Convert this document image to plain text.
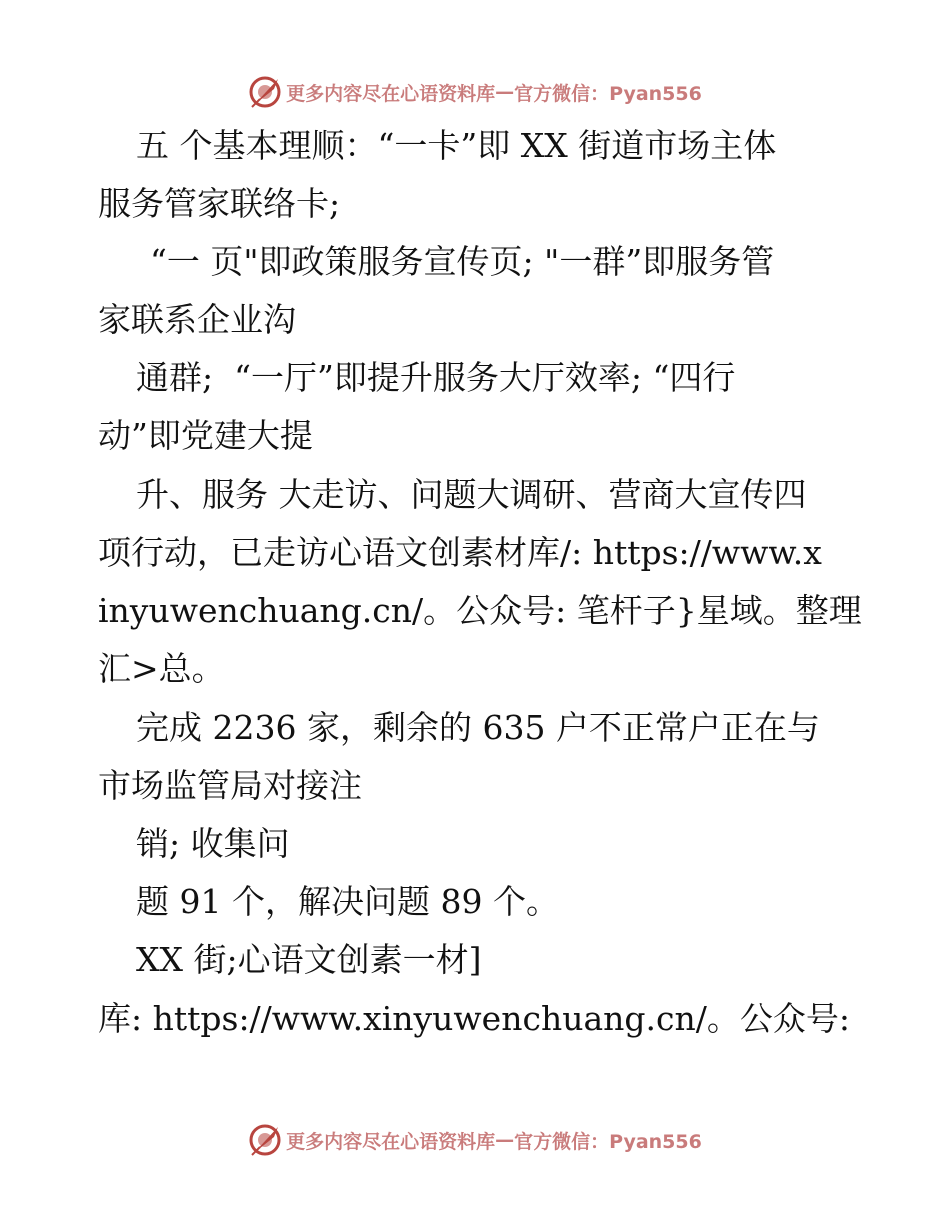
更多内容尽在心语资料库 — 官方微信：Pyan556
五 个基本理顺：“一卡”即 XX 街道市场主体
服务管家联络卡;
“一 页"即政策服务宣传页; "一群”即服务管
家联系企业沟
通群;  “一厅”即提升服务大厅效率; “四行
动”即党建大提
升、服务 大走访、问题大调研、营商大宣传四
项行动，已走访心语文创素材库/: https://www.x
inyuwenchuang.cn/。公众号: 笔杆子}星域。整理
汇>总。
完成 2236 家，剩余的 635 户不正常户正在与
市场监管局对接注
销; 收集问
题 91 个，解决问题 89 个。
XX 街;心语文创素一材]
库: https://www.xinyuwenchuang.cn/。公众号:
更多内容尽在心语资料库 — 官方微信：Pyan556
